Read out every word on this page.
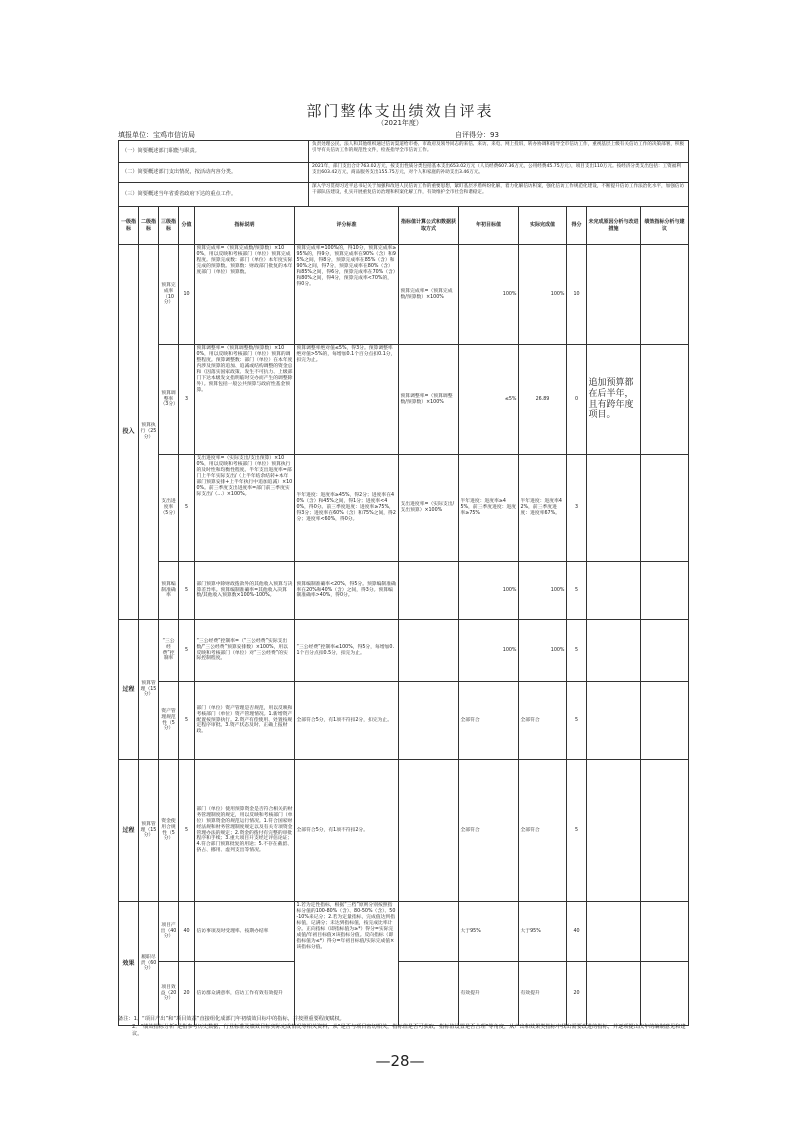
部门整体支出绩效自评表
（2021年度）
填报单位：宝鸡市信访局	自评得分：93
（一）简要概述部门职能与职责。	负责处理公民、法人和其他组织通过信访渠道给市委、市政府及领导同志的来信、来访、来电、网上投诉，转办协调和指导全市信访工作，重视基层上级有关信访工作的决策部署，积极引导有关信访工作的规范性文件，检查指导全市信访工作。
（二）简要概述部门支出情况，按活动内容分类。	2021年，部门支出合计763.02万元，按支出性质分类包括基本支出653.02万元（人员经费607.36万元，公用经费45.75万元），项目支出110万元。按经济分类支出包括：工资福利支出603.42万元，商品服务支出155.75万元，对个人和家庭的补助支出3.46万元。
（三）简要概述当年省委省政府下达的重点工作。	深入学习贯彻习近平总书记关于加强和改进人民信访工作的重要思想，紧盯基层矛盾纠纷化解，着力化解信访积案，强化信访工作规范化建设，不断提升信访工作法治化水平，加强信访干部队伍建设，扎实开展重复信访治理和积案化解工作，有效维护全市社会和谐稳定。
一级指标	二级指标	三级指标	分值	指标说明	评分标准	指标值计算公式和数据获取方式	年初目标值	实际完成值	得分	未完成原因分析与改进措施	绩效指标分析与建议
投入	预算执行（25分）	预算完成率（10分）	10	预算完成率=（预算完成数/预算数）×100%，用以反映和考核部门（单位）预算完成程度。预算完成数：部门（单位）本年度实际完成的预算数。预算数：财政部门批复的本年度部门（单位）预算数。	预算完成率=100%的，得10分，预算完成率≥95%的，得9分，预算完成率在90%（含）和95%之间，得8分，预算完成率在85%（含）和90%之间，得7分，预算完成率在80%（含）和85%之间，得6分，预算完成率在70%（含）和80%之间，得4分，预算完成率<70%的，得0分。	预算完成率=（预算完成数/预算数）×100%	100%	100%	10		
		预算调整率（3分）	3	预算调整率=（预算调整数/预算数）×100%，用以反映和考核部门（单位）预算的调整程度。预算调整数：部门（单位）在本年度内涉及预算的追加、追减或结构调整的资金总和（因落实国家政策、发生不可抗力、上级部门下达本级发文指明临时交办而产生的调整除外）。预算包括一般公共预算与政府性基金预算。	预算调整率绝对值≤5%，得3分。预算调整率绝对值>5%的，每增加0.1个百分点扣0.1分，扣完为止。	预算调整率=（预算调整数/预算数）×100%	≤5%	26.89	0	追加预算都在后半年，且有跨年度项目。	
		支出进度率（5分）	5	支出进度率=（实际支出/支出预算）×100%，用以反映和考核部门（单位）预算执行的及时性和均衡性程度。半年支出进度率=部门上半年实际支出/（上半年结余结转+本年部门预算安排+上半年执行中追加追减）×100%。前三季度支出进度率=部门前三季度实际支出/（…）×100%。	半年进度：进度率≥45%，得2分；进度率在40%（含）和45%之间，得1分；进度率<40%，得0分。前三季度进度：进度率≥75%，得3分；进度率在60%（含）和75%之间，得2分；进度率<60%，得0分。	支出进度率=（实际支出/支出预算）×100%	半年进度：进度率≥45%，前三季度进度：进度率≥75%	半年进度：进度率42%，前三季度进度：进度率67%。	3		
		预算编制准确率	5	部门预算中除财政拨款外的其他收入预算与决算差异率。预算编制准确率=其他收入决算数/其他收入预算数×100%-100%。	预算编制准确率<20%，得5分。预算编制准确率在20%和40%（含）之间，得3分。预算编制准确率>40%，得0分。		100%	100%	5		
过程	预算管理（15分）	“三公经费”控制率	5	“三公经费”控制率=（“三公经费”实际支出数/“三公经费”预算安排数）×100%，用以反映和考核部门（单位）对“三公经费”的实际控制程度。	“三公经费”控制率≤100%，得5分，每增加0.1个百分点扣0.5分，扣完为止。		100%	100%	5		
		资产管理规范性（5分）	5	部门（单位）资产管理是否规范，用以反映和考核部门（单位）资产管理情况。1.新增资产配置按预算执行。2.资产有偿使用、处置按规定程序审批。3.资产状态及时、正确上报财政。	全部符合5分，有1项不符扣2分，扣完为止。		全部符合	全部符合	5		
过程	预算管理（15分）	资金使用合规性（5分）	5	部门（单位）使用预算资金是否符合相关的财务管理制度的规定，用以反映和考核部门（单位）预算资金的规范运行情况。1.符合国家财经法规和财务管理制度规定以及有关专项资金管理办法的规定；2.资金的拨付有完整的审批程序和手续；3.重大项目开支经过评估论证；4.符合部门预算批复的用途；5.不存在截留、挤占、挪用、虚列支出等情况。	全部符合5分，有1项不符扣2分。		全部符合	全部符合	5		
效果	履职尽责（60分）	项目产出（40分）	40	信访事项及时受理率、按期办结率	1.若为定性指标，根据“三档”原则分别按照指标分值的100-80%（含）、80-50%（含）、50-10%来记分；2.若为定量指标，完成值达到指标值，记满分；未达到指标值，按完成比率计分。正向指标（即指标值为≥*）得分=实际完成值/年初目标值×该指标分值。反向指标（即指标值为≤*）得分=年初目标值/实际完成值×该指标分值。		大于95%	大于95%	40		
		项目效益（20分）	20	信访群众满意率，信访工作有效有效提升			有效提升	有效提升	20		
备注：1．“项目产出”和“项目效益”直接组化成部门年初绩效目标中的指标，并按照重要程度赋权。
2．“绩效指标分析”是指参考历史数据，行业标准及绩效目标实际完成情况等相关资料，从“是否与项目密切相关，指标值是否可获取，指标值设置是否合理”等角度，从产出和效果类指标中找出需要改进的指标，并逐项提出次年的编制意见和建议。
—28—
